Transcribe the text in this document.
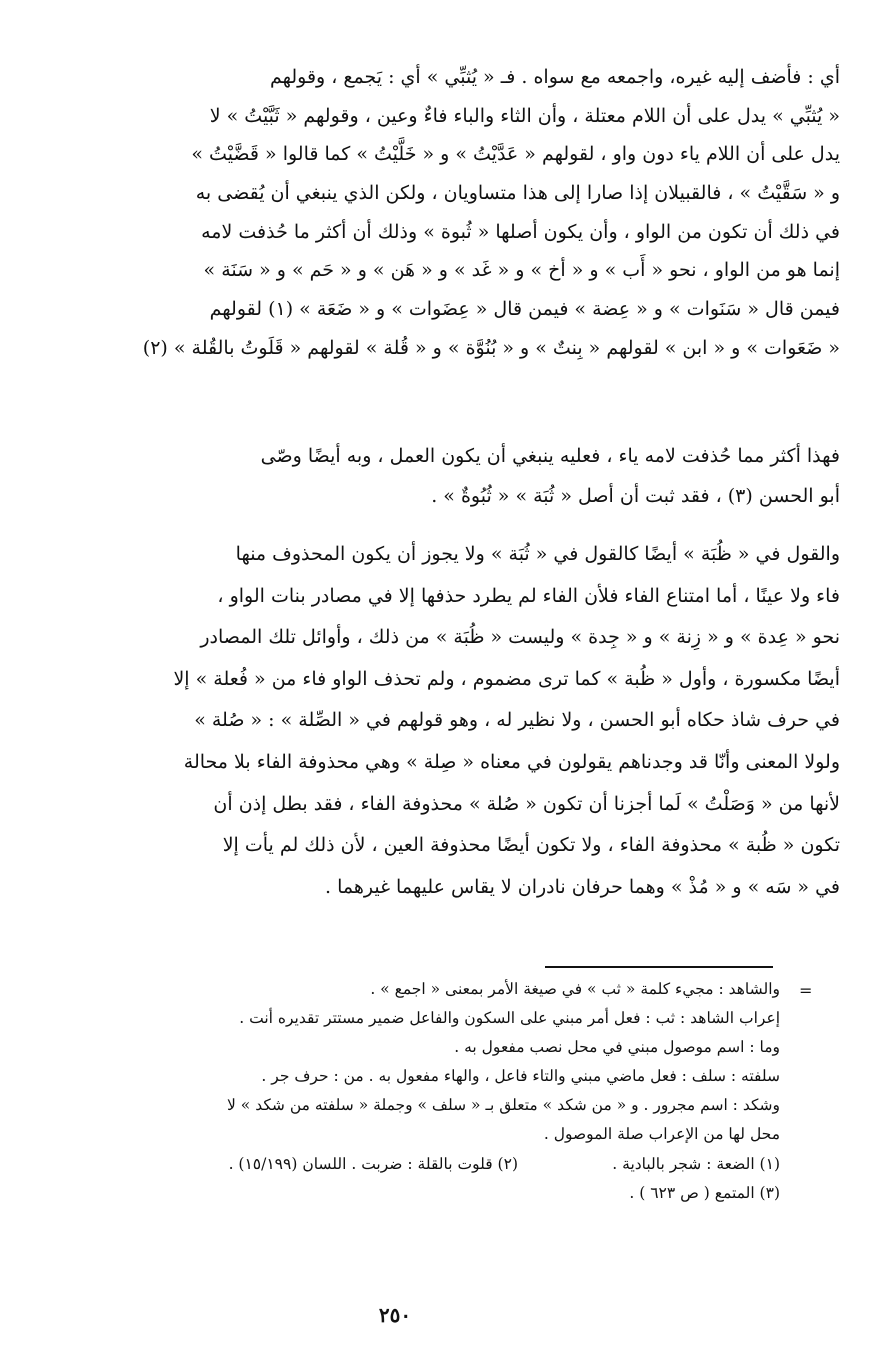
أي : فأضف إليه غيره، واجمعه مع سواه . فـ « يُثبِّي » أي : يَجمع ، وقولهم
« يُثبِّي » يدل على أن اللام معتلة ، وأن الثاء والباء فاءٌ وعين ، وقولهم « ثَبَّيْتُ » لا
يدل على أن اللام ياء دون واو ، لقولهم « عَدَّيْتُ » و « خَلَّيْتُ » كما قالوا « قَضَّيْتُ »
و « سَقَّيْتُ » ، فالقبيلان إذا صارا إلى هذا متساويان ، ولكن الذي ينبغي أن يُقضى به
في ذلك أن تكون من الواو ، وأن يكون أصلها « ثُبوة » وذلك أن أكثر ما حُذفت لامه
إنما هو من الواو ، نحو « أَب » و « أخ » و « غَد » و « هَن » و « حَم » و « سَنَة »
فيمن قال « سَنَوات » و « عِضة » فيمن قال « عِضَوات » و « ضَعَة » (١) لقولهم
« ضَعَوات » و « ابن » لقولهم « بِنتٌ » و « بُنُوَّة » و « قُلة » لقولهم « قَلَوتُ بالقُلة » (٢)
فهذا أكثر مما حُذفت لامه ياء ، فعليه ينبغي أن يكون العمل ، وبه أيضًا وصّى
أبو الحسن (٣) ، فقد ثبت أن أصل « ثُبَة » « ثُبُوةٌ » .
والقول في « ظُبَة » أيضًا كالقول في « ثُبَة » ولا يجوز أن يكون المحذوف منها
فاء ولا عينًا ، أما امتناع الفاء فلأن الفاء لم يطرد حذفها إلا في مصادر بنات الواو ،
نحو « عِدة » و « زِنة » و « جِدة » وليست « ظُبَة » من ذلك ، وأوائل تلك المصادر
أيضًا مكسورة ، وأول « ظُبة » كما ترى مضموم ، ولم تحذف الواو فاء من « فُعلة » إلا
في حرف شاذ حكاه أبو الحسن ، ولا نظير له ، وهو قولهم في « الصِّلة » : « صُلة »
ولولا المعنى وأنّا قد وجدناهم يقولون في معناه « صِلة » وهي محذوفة الفاء بلا محالة
لأنها من « وَصَلْتُ » لَما أجزنا أن تكون « صُلة » محذوفة الفاء ، فقد بطل إذن أن
تكون « ظُبة » محذوفة الفاء ، ولا تكون أيضًا محذوفة العين ، لأن ذلك لم يأت إلا
في « سَه » و « مُذْ » وهما حرفان نادران لا يقاس عليهما غيرهما .
=
والشاهد : مجيء كلمة « ثب » في صيغة الأمر بمعنى « اجمع » .
إعراب الشاهد : ثب : فعل أمر مبني على السكون والفاعل ضمير مستتر تقديره أنت .
وما : اسم موصول مبني في محل نصب مفعول به .
سلفته : سلف : فعل ماضي مبني والتاء فاعل ، والهاء مفعول به . من : حرف جر .
وشكد : اسم مجرور . و « من شكد » متعلق بـ « سلف » وجملة « سلفته من شكد » لا
محل لها من الإعراب صلة الموصول .
(١) الضعة : شجر بالبادية .
(٢) قلوت بالقلة : ضربت . اللسان (١٥/١٩٩) .
(٣) المتمع ( ص ٦٢٣ ) .
٢٥٠
